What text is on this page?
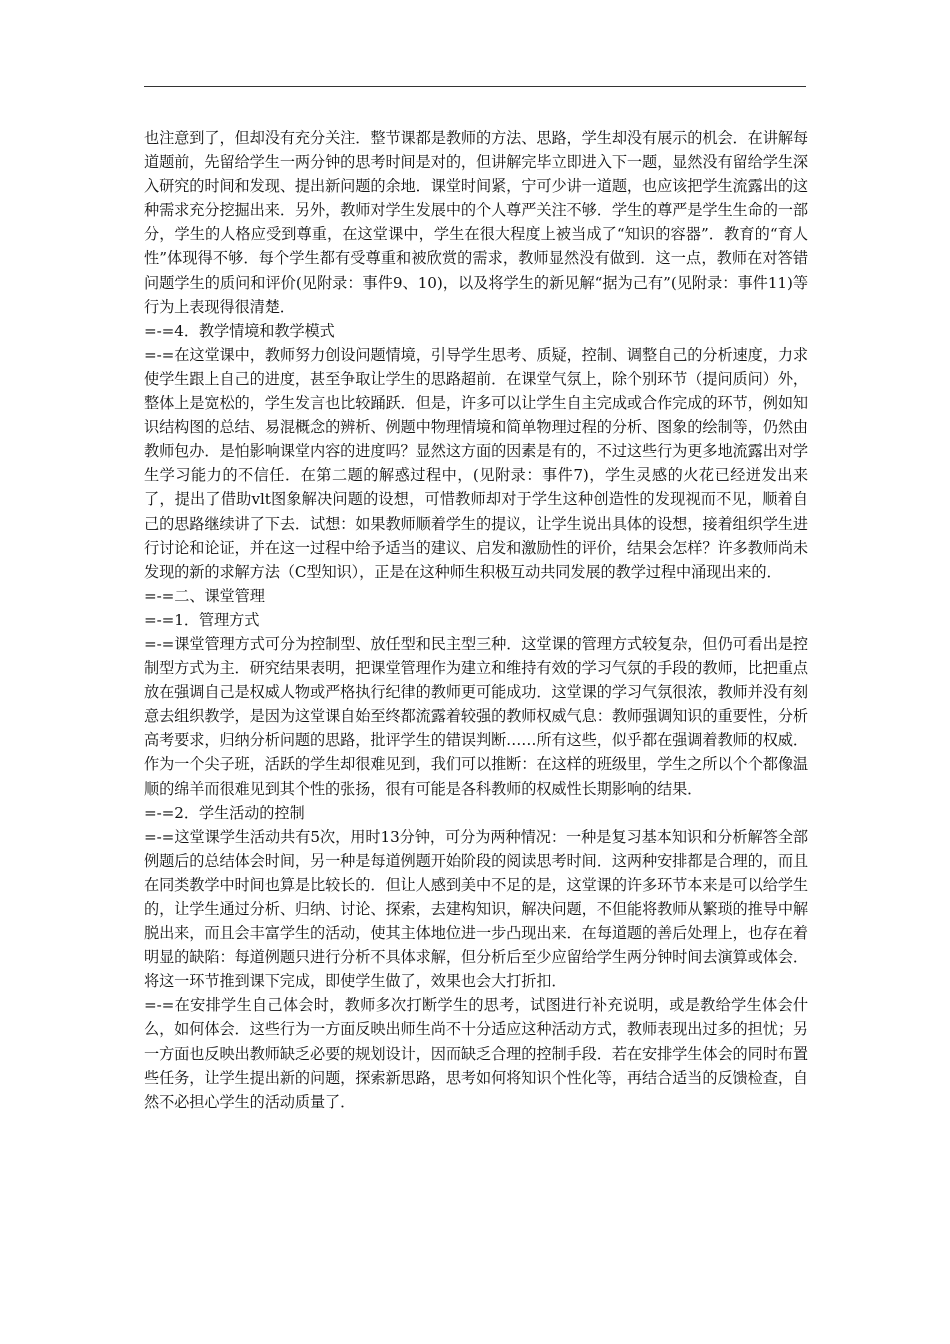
也注意到了，但却没有充分关注．整节课都是教师的方法、思路，学生却没有展示的机会．在讲解每道题前，先留给学生一两分钟的思考时间是对的，但讲解完毕立即进入下一题，显然没有留给学生深入研究的时间和发现、提出新问题的余地．课堂时间紧，宁可少讲一道题，也应该把学生流露出的这种需求充分挖掘出来．另外，教师对学生发展中的个人尊严关注不够．学生的尊严是学生生命的一部分，学生的人格应受到尊重，在这堂课中，学生在很大程度上被当成了“知识的容器”．教育的“育人性”体现得不够．每个学生都有受尊重和被欣赏的需求，教师显然没有做到．这一点，教师在对答错问题学生的质问和评价(见附录：事件9、10)，以及将学生的新见解“据为己有”(见附录：事件11)等行为上表现得很清楚．

=-=4．教学情境和教学模式

=-=在这堂课中，教师努力创设问题情境，引导学生思考、质疑，控制、调整自己的分析速度，力求使学生跟上自己的进度，甚至争取让学生的思路超前．在课堂气氛上，除个别环节（提问质问）外，整体上是宽松的，学生发言也比较踊跃．但是，许多可以让学生自主完成或合作完成的环节，例如知识结构图的总结、易混概念的辨析、例题中物理情境和简单物理过程的分析、图象的绘制等，仍然由教师包办．是怕影响课堂内容的进度吗？显然这方面的因素是有的，不过这些行为更多地流露出对学生学习能力的不信任．在第二题的解惑过程中，(见附录：事件7)，学生灵感的火花已经迸发出来了，提出了借助vlt图象解决问题的设想，可惜教师却对于学生这种创造性的发现视而不见，顺着自己的思路继续讲了下去．试想：如果教师顺着学生的提议，让学生说出具体的设想，接着组织学生进行讨论和论证，并在这一过程中给予适当的建议、启发和激励性的评价，结果会怎样？许多教师尚未发现的新的求解方法（C型知识），正是在这种师生积极互动共同发展的教学过程中涌现出来的．

=-=二、课堂管理

=-=1．管理方式

=-=课堂管理方式可分为控制型、放任型和民主型三种．这堂课的管理方式较复杂，但仍可看出是控制型方式为主．研究结果表明，把课堂管理作为建立和维持有效的学习气氛的手段的教师，比把重点放在强调自己是权威人物或严格执行纪律的教师更可能成功．这堂课的学习气氛很浓，教师并没有刻意去组织教学，是因为这堂课自始至终都流露着较强的教师权威气息：教师强调知识的重要性，分析高考要求，归纳分析问题的思路，批评学生的错误判断……所有这些，似乎都在强调着教师的权威．作为一个尖子班，活跃的学生却很难见到，我们可以推断：在这样的班级里，学生之所以个个都像温顺的绵羊而很难见到其个性的张扬，很有可能是各科教师的权威性长期影响的结果．

=-=2．学生活动的控制

=-=这堂课学生活动共有5次，用时13分钟，可分为两种情况：一种是复习基本知识和分析解答全部例题后的总结体会时间，另一种是每道例题开始阶段的阅读思考时间．这两种安排都是合理的，而且在同类教学中时间也算是比较长的．但让人感到美中不足的是，这堂课的许多环节本来是可以给学生的，让学生通过分析、归纳、讨论、探索，去建构知识，解决问题，不但能将教师从繁琐的推导中解脱出来，而且会丰富学生的活动，使其主体地位进一步凸现出来．在每道题的善后处理上，也存在着明显的缺陷：每道例题只进行分析不具体求解，但分析后至少应留给学生两分钟时间去演算或体会．将这一环节推到课下完成，即使学生做了，效果也会大打折扣．

=-=在安排学生自己体会时，教师多次打断学生的思考，试图进行补充说明，或是教给学生体会什么，如何体会．这些行为一方面反映出师生尚不十分适应这种活动方式，教师表现出过多的担忧；另一方面也反映出教师缺乏必要的规划设计，因而缺乏合理的控制手段．若在安排学生体会的同时布置些任务，让学生提出新的问题，探索新思路，思考如何将知识个性化等，再结合适当的反馈检查，自然不必担心学生的活动质量了．
